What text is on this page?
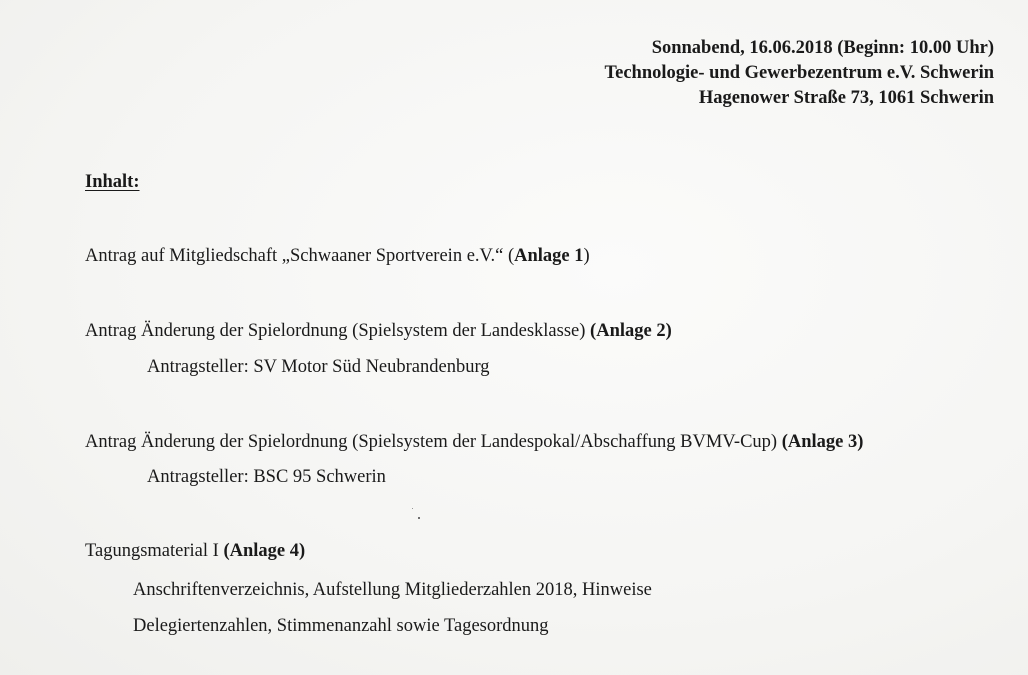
Sonnabend, 16.06.2018 (Beginn: 10.00 Uhr)
Technologie- und Gewerbezentrum e.V. Schwerin
Hagenower Straße 73, 1061 Schwerin
Inhalt:
Antrag auf Mitgliedschaft „Schwaaner Sportverein e.V.“ (Anlage 1)
Antrag Änderung der Spielordnung (Spielsystem der Landesklasse) (Anlage 2)
Antragsteller: SV Motor Süd Neubrandenburg
Antrag Änderung der Spielordnung (Spielsystem der Landespokal/Abschaffung BVMV-Cup) (Anlage 3)
Antragsteller: BSC 95 Schwerin
Tagungsmaterial I (Anlage 4)
Anschriftenverzeichnis, Aufstellung Mitgliederzahlen 2018, Hinweise
Delegiertenzahlen, Stimmenanzahl sowie Tagesordnung
